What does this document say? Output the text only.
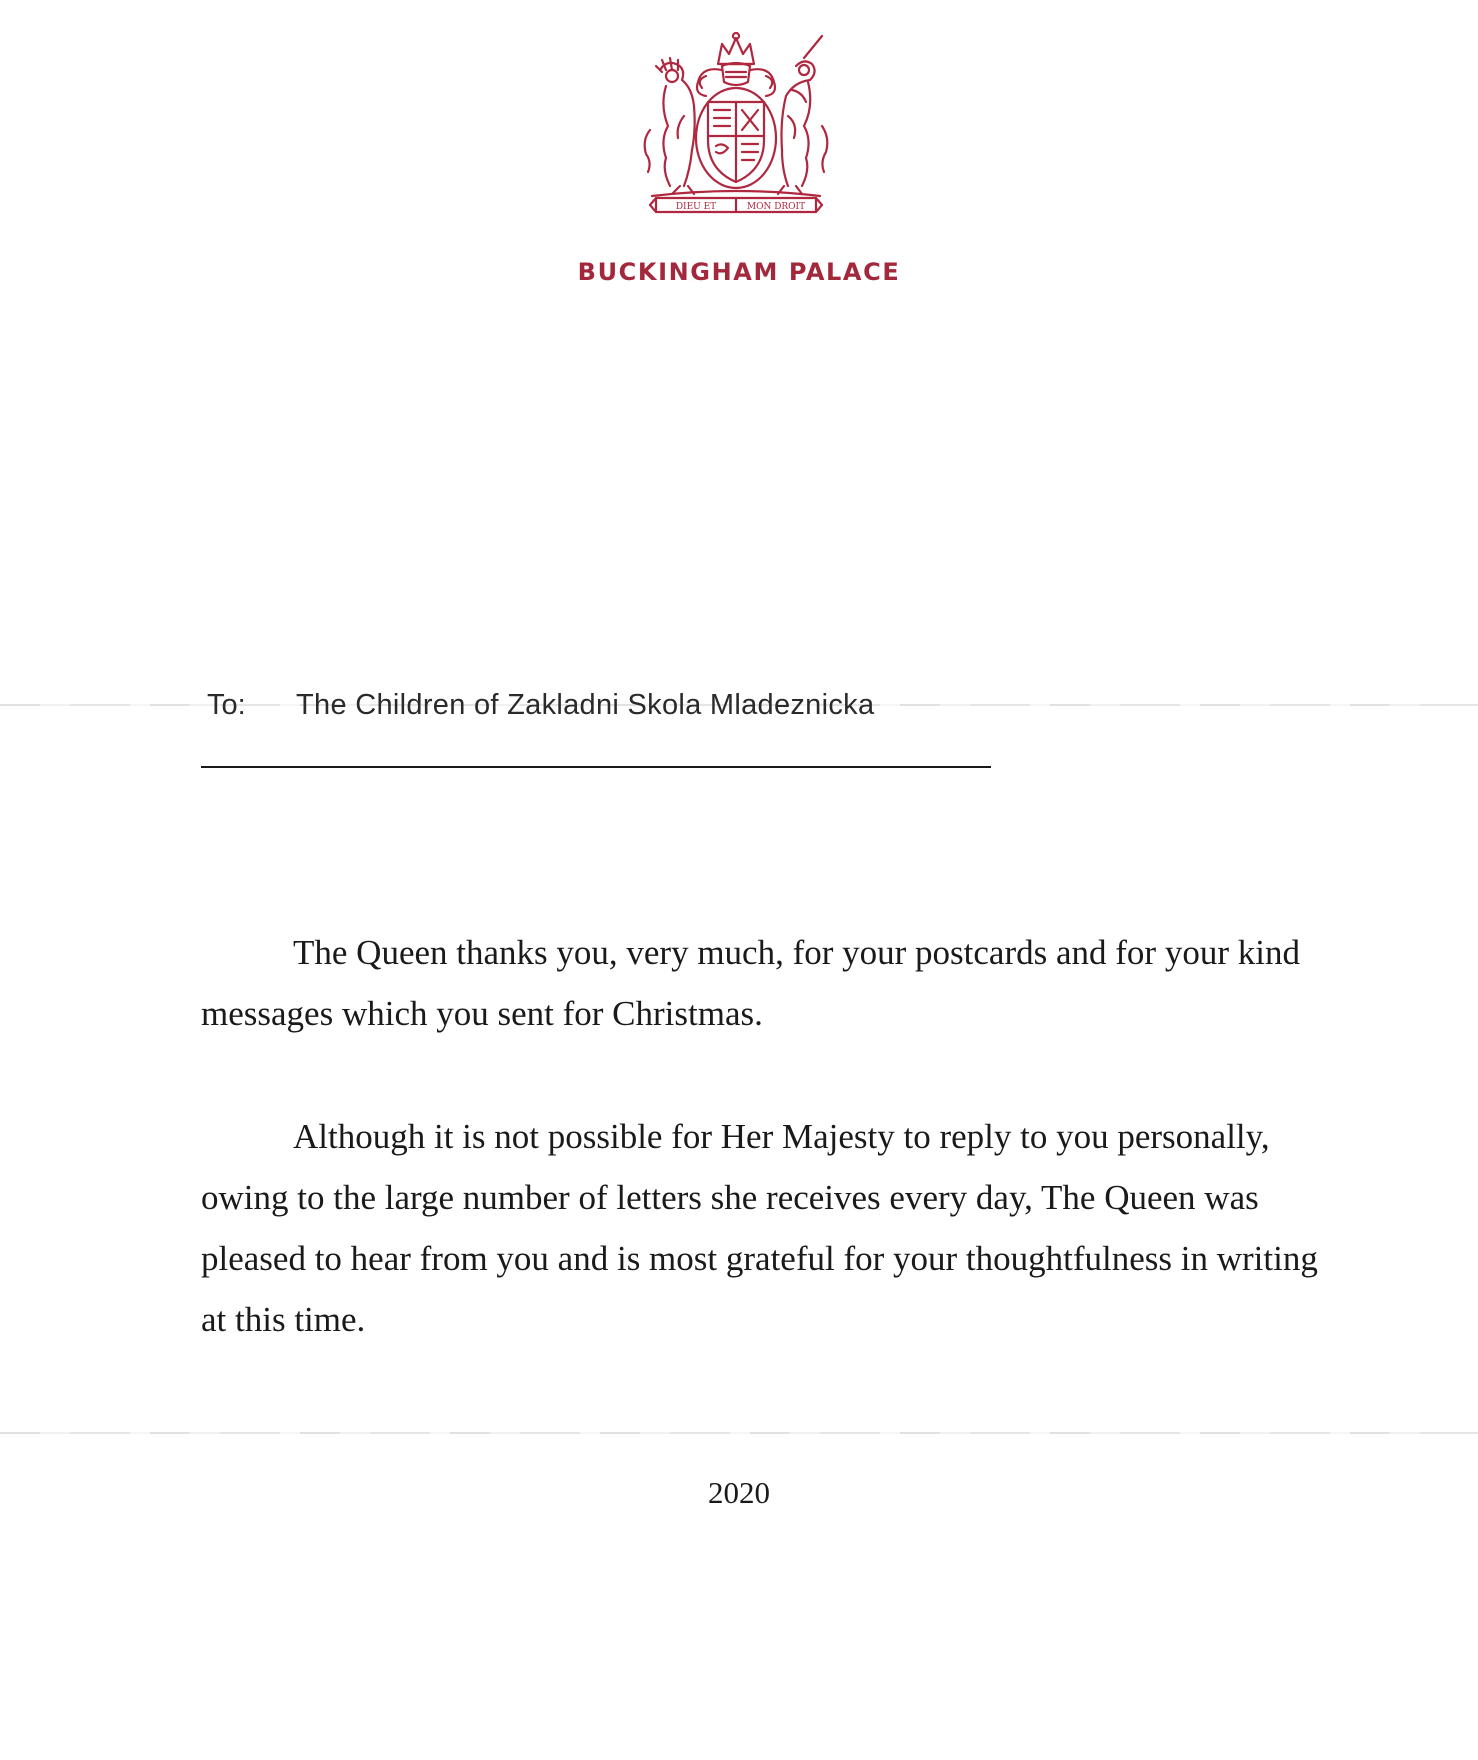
DIEU ET	MON DROIT
BUCKINGHAM PALACE
To: The Children of Zakladni Skola Mladeznicka

The Queen thanks you, very much, for your postcards and for your kind messages which you sent for Christmas.

Although it is not possible for Her Majesty to reply to you personally, owing to the large number of letters she receives every day, The Queen was pleased to hear from you and is most grateful for your thoughtfulness in writing at this time.

2020
